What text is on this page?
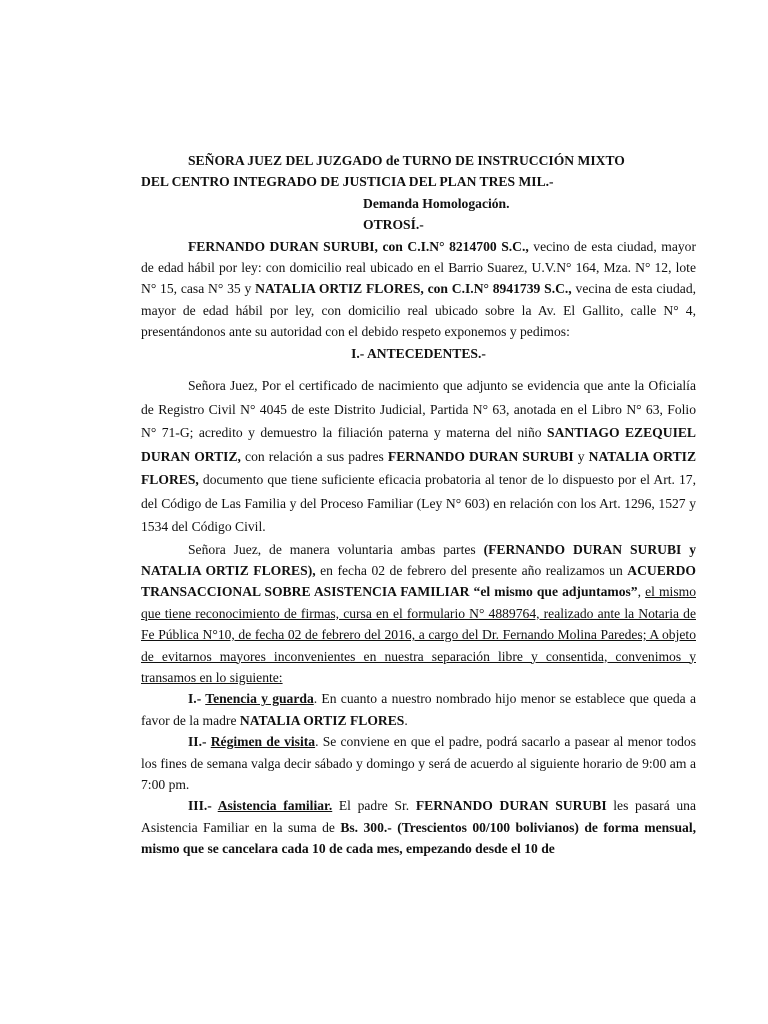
SEÑORA JUEZ DEL JUZGADO de TURNO DE INSTRUCCIÓN MIXTO

DEL CENTRO INTEGRADO DE JUSTICIA DEL PLAN TRES MIL.-

Demanda Homologación.

OTROSÍ.-

FERNANDO DURAN SURUBI, con C.I.N° 8214700 S.C., vecino de esta ciudad, mayor de edad hábil por ley: con domicilio real ubicado en el Barrio Suarez, U.V.N° 164, Mza. N° 12, lote N° 15, casa N° 35 y NATALIA ORTIZ FLORES, con C.I.N° 8941739 S.C., vecina de esta ciudad, mayor de edad hábil por ley, con domicilio real ubicado sobre la Av. El Gallito, calle N° 4, presentándonos ante su autoridad con el debido respeto exponemos y pedimos:

I.- ANTECEDENTES.-

Señora Juez, Por el certificado de nacimiento que adjunto se evidencia que ante la Oficialía de Registro Civil N° 4045 de este Distrito Judicial, Partida N° 63, anotada en el Libro N° 63, Folio N° 71-G; acredito y demuestro la filiación paterna y materna del niño SANTIAGO EZEQUIEL DURAN ORTIZ, con relación a sus padres FERNANDO DURAN SURUBI y NATALIA ORTIZ FLORES, documento que tiene suficiente eficacia probatoria al tenor de lo dispuesto por el Art. 17, del Código de Las Familia y del Proceso Familiar (Ley N° 603) en relación con los Art. 1296, 1527 y 1534 del Código Civil.

Señora Juez, de manera voluntaria ambas partes (FERNANDO DURAN SURUBI y NATALIA ORTIZ FLORES), en fecha 02 de febrero del presente año realizamos un ACUERDO TRANSACCIONAL SOBRE ASISTENCIA FAMILIAR “el mismo que adjuntamos”, el mismo que tiene reconocimiento de firmas, cursa en el formulario N° 4889764, realizado ante la Notaria de Fe Pública N°10, de fecha 02 de febrero del 2016, a cargo del Dr. Fernando Molina Paredes; A objeto de evitarnos mayores inconvenientes en nuestra separación libre y consentida, convenimos y transamos en lo siguiente:

I.- Tenencia y guarda. En cuanto a nuestro nombrado hijo menor se establece que queda a favor de la madre NATALIA ORTIZ FLORES.

II.- Régimen de visita. Se conviene en que el padre, podrá sacarlo a pasear al menor todos los fines de semana valga decir sábado y domingo y será de acuerdo al siguiente horario de 9:00 am a 7:00 pm.

III.- Asistencia familiar. El padre Sr. FERNANDO DURAN SURUBI les pasará una Asistencia Familiar en la suma de Bs. 300.- (Trescientos 00/100 bolivianos) de forma mensual, mismo que se cancelara cada 10 de cada mes, empezando desde el 10 de
